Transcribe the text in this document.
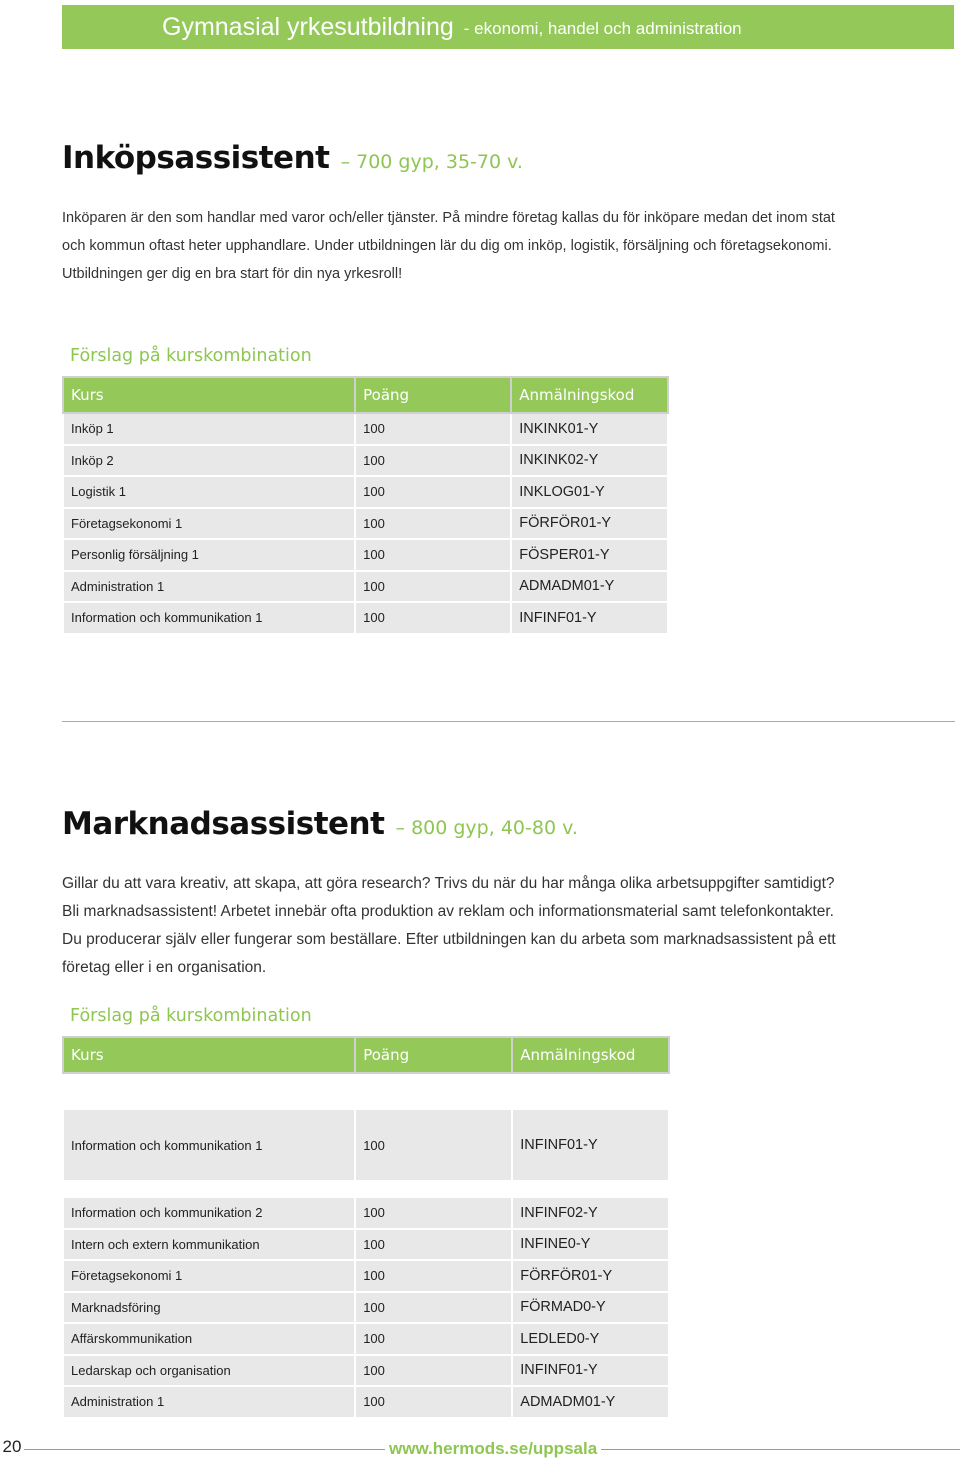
Gymnasial yrkesutbildning - ekonomi, handel och administration
Inköpsassistent – 700 gyp, 35-70 v.

Inköparen är den som handlar med varor och/eller tjänster. På mindre företag kallas du för inköpare medan det inom stat
och kommun oftast heter upphandlare. Under utbildningen lär du dig om inköp, logistik, försäljning och företagsekonomi.
Utbildningen ger dig en bra start för din nya yrkesroll!

Förslag på kurskombination
Kurs	Poäng	Anmälningskod
Inköp 1	100	INKINK01-Y
Inköp 2	100	INKINK02-Y
Logistik 1	100	INKLOG01-Y
Företagsekonomi 1	100	FÖRFÖR01-Y
Personlig försäljning 1	100	FÖSPER01-Y
Administration 1	100	ADMADM01-Y
Information och kommunikation 1	100	INFINF01-Y
Marknadsassistent – 800 gyp, 40-80 v.

Gillar du att vara kreativ, att skapa, att göra research? Trivs du när du har många olika arbetsuppgifter samtidigt?
Bli marknadsassistent! Arbetet innebär ofta produktion av reklam och informationsmaterial samt telefonkontakter.
Du producerar själv eller fungerar som beställare. Efter utbildningen kan du arbeta som marknadsassistent på ett
företag eller i en organisation.

Förslag på kurskombination
Kurs	Poäng	Anmälningskod

Information och kommunikation 1	100	INFINF01-Y

Information och kommunikation 2	100	INFINF02-Y
Intern och extern kommunikation	100	INFINE0-Y
Företagsekonomi 1	100	FÖRFÖR01-Y
Marknadsföring	100	FÖRMAD0-Y
Affärskommunikation	100	LEDLED0-Y
Ledarskap och organisation	100	INFINF01-Y
Administration 1	100	ADMADM01-Y
20	www.hermods.se/uppsala
